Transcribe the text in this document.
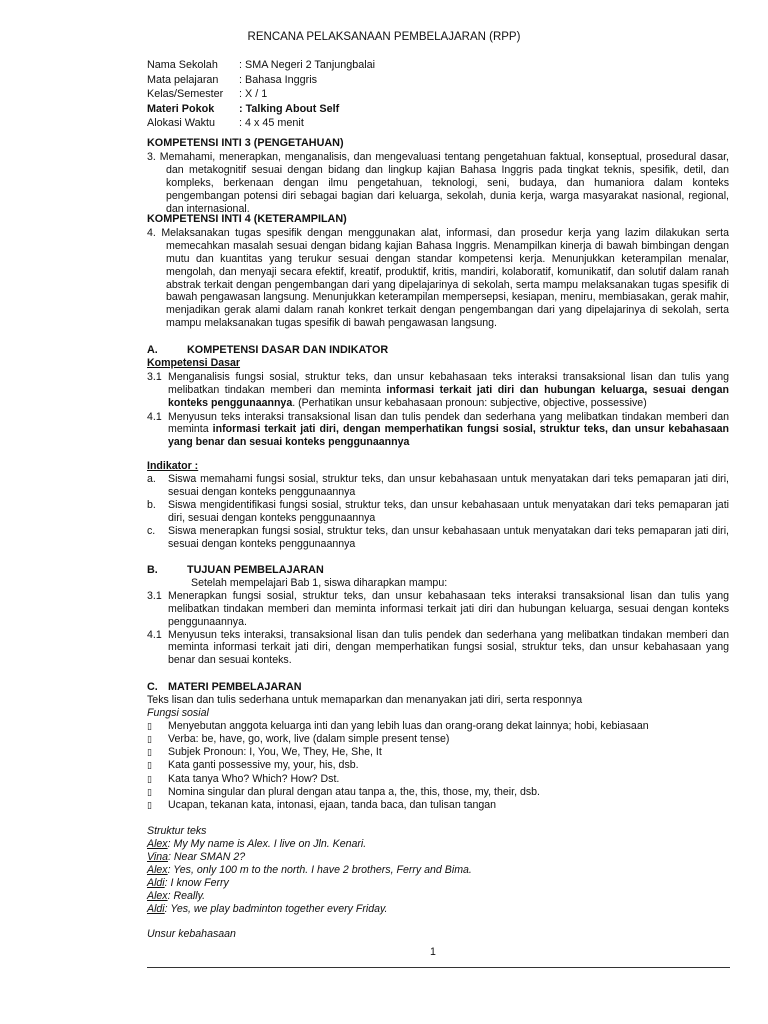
RENCANA PELAKSANAAN PEMBELAJARAN (RPP)
Nama Sekolah	: SMA Negeri 2 Tanjungbalai
Mata pelajaran	: Bahasa Inggris
Kelas/Semester	: X / 1
Materi Pokok	: Talking About Self
Alokasi Waktu	: 4 x 45 menit
KOMPETENSI INTI 3 (PENGETAHUAN)
3. Memahami, menerapkan, menganalisis, dan mengevaluasi tentang pengetahuan faktual, konseptual, prosedural dasar, dan metakognitif sesuai dengan bidang dan lingkup kajian Bahasa Inggris pada tingkat teknis, spesifik, detil, dan kompleks, berkenaan dengan ilmu pengetahuan, teknologi, seni, budaya, dan humaniora dalam konteks pengembangan potensi diri sebagai bagian dari keluarga, sekolah, dunia kerja, warga masyarakat nasional, regional, dan internasional.
KOMPETENSI INTI 4 (KETERAMPILAN)
4. Melaksanakan tugas spesifik dengan menggunakan alat, informasi, dan prosedur kerja yang lazim dilakukan serta memecahkan masalah sesuai dengan bidang kajian Bahasa Inggris. Menampilkan kinerja di bawah bimbingan dengan mutu dan kuantitas yang terukur sesuai dengan standar kompetensi kerja. Menunjukkan keterampilan menalar, mengolah, dan menyaji secara efektif, kreatif, produktif, kritis, mandiri, kolaboratif, komunikatif, dan solutif dalam ranah abstrak terkait dengan pengembangan dari yang dipelajarinya di sekolah, serta mampu melaksanakan tugas spesifik di bawah pengawasan langsung. Menunjukkan keterampilan mempersepsi, kesiapan, meniru, membiasakan, gerak mahir, menjadikan gerak alami dalam ranah konkret terkait dengan pengembangan dari yang dipelajarinya di sekolah, serta mampu melaksanakan tugas spesifik di bawah pengawasan langsung.
A.	KOMPETENSI DASAR DAN INDIKATOR
Kompetensi Dasar
3.1 Menganalisis fungsi sosial, struktur teks, dan unsur kebahasaan teks interaksi transaksional lisan dan tulis yang melibatkan tindakan memberi dan meminta informasi terkait jati diri dan hubungan keluarga, sesuai dengan konteks penggunaannya. (Perhatikan unsur kebahasaan pronoun: subjective, objective, possessive)
4.1 Menyusun teks interaksi transaksional lisan dan tulis pendek dan sederhana yang melibatkan tindakan memberi dan meminta informasi terkait jati diri, dengan memperhatikan fungsi sosial, struktur teks, dan unsur kebahasaan yang benar dan sesuai konteks penggunaannya
Indikator :
a.	Siswa memahami fungsi sosial, struktur teks, dan unsur kebahasaan untuk menyatakan dari teks pemaparan jati diri, sesuai dengan konteks penggunaannya
b.	Siswa mengidentifikasi fungsi sosial, struktur teks, dan unsur kebahasaan untuk menyatakan dari teks pemaparan jati diri, sesuai dengan konteks penggunaannya
c.	Siswa menerapkan fungsi sosial, struktur teks, dan unsur kebahasaan untuk menyatakan dari teks pemaparan jati diri, sesuai dengan konteks penggunaannya
B.	TUJUAN PEMBELAJARAN
Setelah mempelajari Bab 1, siswa diharapkan mampu:
3.1 Menerapkan fungsi sosial, struktur teks, dan unsur kebahasaan teks interaksi transaksional lisan dan tulis yang melibatkan tindakan memberi dan meminta informasi terkait jati diri dan hubungan keluarga, sesuai dengan konteks penggunaannya.
4.1 Menyusun teks interaksi, transaksional lisan dan tulis pendek dan sederhana yang melibatkan tindakan memberi dan meminta informasi terkait jati diri, dengan memperhatikan fungsi sosial, struktur teks, dan unsur kebahasaan yang benar dan sesuai konteks.
C. MATERI PEMBELAJARAN
Teks lisan dan tulis sederhana untuk memaparkan dan menanyakan jati diri, serta responnya
Fungsi sosial
▯	Menyebutan anggota keluarga inti dan yang lebih luas dan orang-orang dekat lainnya; hobi, kebiasaan
▯	Verba: be, have, go, work, live (dalam simple present tense)
▯	Subjek Pronoun: I, You, We, They, He, She, It
▯	Kata ganti possessive my, your, his, dsb.
▯	Kata tanya Who? Which? How? Dst.
▯	Nomina singular dan plural dengan atau tanpa a, the, this, those, my, their, dsb.
▯	Ucapan, tekanan kata, intonasi, ejaan, tanda baca, dan tulisan tangan
Struktur teks
Alex: My My name is Alex. I live on Jln. Kenari.
Vina: Near SMAN 2?
Alex: Yes, only 100 m to the north. I have 2 brothers, Ferry and Bima.
Aldi: I know Ferry
Alex: Really.
Aldi: Yes, we play badminton together every Friday.
Unsur kebahasaan
1
